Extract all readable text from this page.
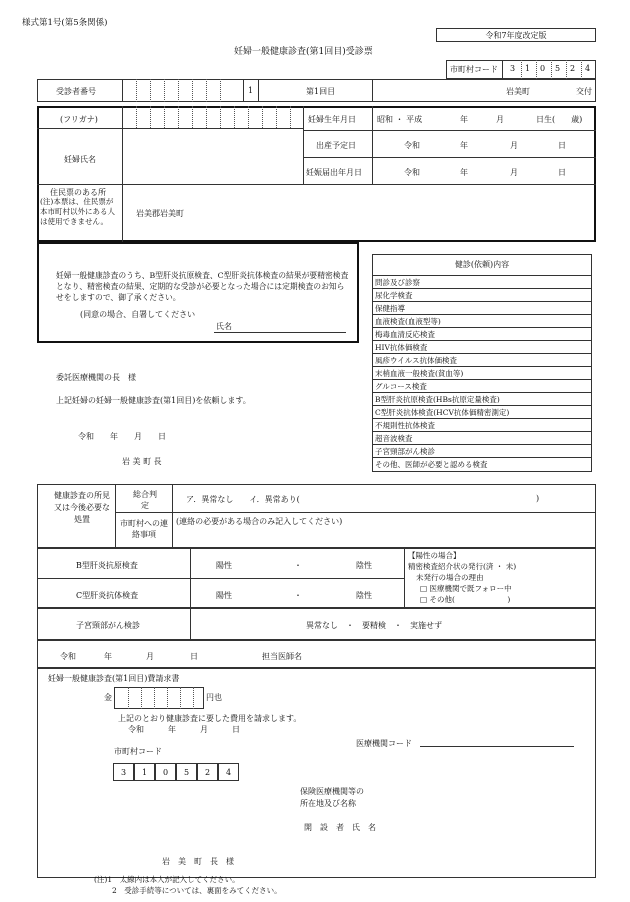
様式第1号(第5条関係)
令和7年度改定版
妊婦一般健康診査(第1回目)受診票
市町村コード 3 1 0 5 2 4
受診者番号	1	第1回目	岩美町	交付
(フリガナ)
妊婦氏名
妊婦生年月日	昭和 ・ 平成	年	月	日生(　　歳)
出産予定日	令和	年	月	日
妊娠届出年月日	令和	年	月	日
住民票のある所
(注)本票は、住民票が本市町村以外にある人は使用できません。
岩美郡岩美町
妊婦一般健康診査のうち、B型肝炎抗原検査、C型肝炎抗体検査の結果が要精密検査となり、精密検査の結果、定期的な受診が必要となった場合には定期検査のお知らせをしますので、御了承ください。
(同意の場合、自署してください
氏名
健診(依頼)内容
問診及び診察
尿化学検査
保健指導
血液検査(血液型等)
梅毒血清反応検査
HIV抗体価検査
風疹ウイルス抗体価検査
末梢血液一般検査(貧血等)
グルコース検査
B型肝炎抗原検査(HBs抗原定量検査)
C型肝炎抗体検査(HCV抗体価精密測定)
不規則性抗体検査
超音波検査
子宮頸部がん検診
その他、医師が必要と認める検査
委託医療機関の長　様
上記妊婦の妊婦一般健康診査(第1回目)を依頼します。
令和　　年　　月　　日
岩 美 町 長
健康診査の所見又は今後必要な処置
総合判定
ア．異常なし　　イ．異常あり(	)
市町村への連絡事項
(連絡の必要がある場合のみ記入してください)
B型肝炎抗原検査	陽性	・	陰性
C型肝炎抗体検査	陽性	・	陰性
【陽性の場合】
精密検査紹介状の発行(済 ・ 未)
未発行の場合の理由
□ 医療機関で既フォロー中
□ その他(　　　　　　　)
子宮頸部がん検診	異常なし　・　要精検　・　実施せず
令和	年	月	日	担当医師名
妊婦一般健康診査(第1回目)費請求書
金	円也
上記のとおり健康診査に要した費用を請求します。
令和　　　年　　　月　　　日
医療機関コード
市町村コード
3	1	0	5	2	4
保険医療機関等の
所在地及び名称
開　設　者　氏　名
岩　美　町　長　様
(注)1　太線内は本人が記入してください。
2　受診手続等については、裏面をみてください。
